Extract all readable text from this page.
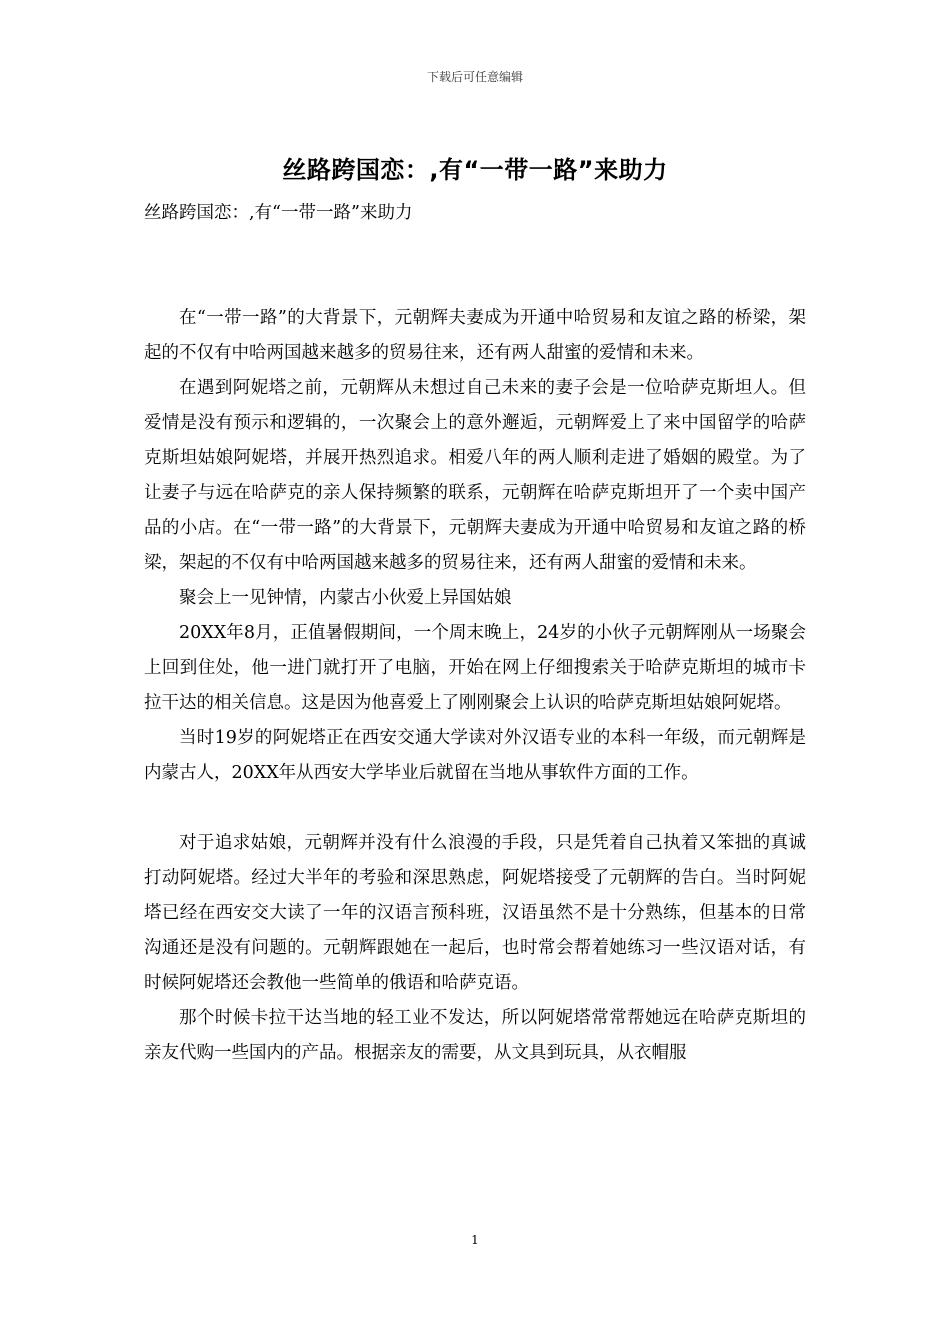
下载后可任意编辑
丝路跨国恋：,有“一带一路”来助力

丝路跨国恋：,有“一带一路”来助力

在“一带一路”的大背景下，元朝辉夫妻成为开通中哈贸易和友谊之路的桥梁，架起的不仅有中哈两国越来越多的贸易往来，还有两人甜蜜的爱情和未来。

在遇到阿妮塔之前，元朝辉从未想过自己未来的妻子会是一位哈萨克斯坦人。但爱情是没有预示和逻辑的，一次聚会上的意外邂逅，元朝辉爱上了来中国留学的哈萨克斯坦姑娘阿妮塔，并展开热烈追求。相爱八年的两人顺利走进了婚姻的殿堂。为了让妻子与远在哈萨克的亲人保持频繁的联系，元朝辉在哈萨克斯坦开了一个卖中国产品的小店。在“一带一路”的大背景下，元朝辉夫妻成为开通中哈贸易和友谊之路的桥梁，架起的不仅有中哈两国越来越多的贸易往来，还有两人甜蜜的爱情和未来。

聚会上一见钟情，内蒙古小伙爱上异国姑娘

20XX年8月，正值暑假期间，一个周末晚上，24岁的小伙子元朝辉刚从一场聚会上回到住处，他一进门就打开了电脑，开始在网上仔细搜索关于哈萨克斯坦的城市卡拉干达的相关信息。这是因为他喜爱上了刚刚聚会上认识的哈萨克斯坦姑娘阿妮塔。

当时19岁的阿妮塔正在西安交通大学读对外汉语专业的本科一年级，而元朝辉是内蒙古人，20XX年从西安大学毕业后就留在当地从事软件方面的工作。

对于追求姑娘，元朝辉并没有什么浪漫的手段，只是凭着自己执着又笨拙的真诚打动阿妮塔。经过大半年的考验和深思熟虑，阿妮塔接受了元朝辉的告白。当时阿妮塔已经在西安交大读了一年的汉语言预科班，汉语虽然不是十分熟练，但基本的日常沟通还是没有问题的。元朝辉跟她在一起后，也时常会帮着她练习一些汉语对话，有时候阿妮塔还会教他一些简单的俄语和哈萨克语。

那个时候卡拉干达当地的轻工业不发达，所以阿妮塔常常帮她远在哈萨克斯坦的亲友代购一些国内的产品。根据亲友的需要，从文具到玩具，从衣帽服

1
